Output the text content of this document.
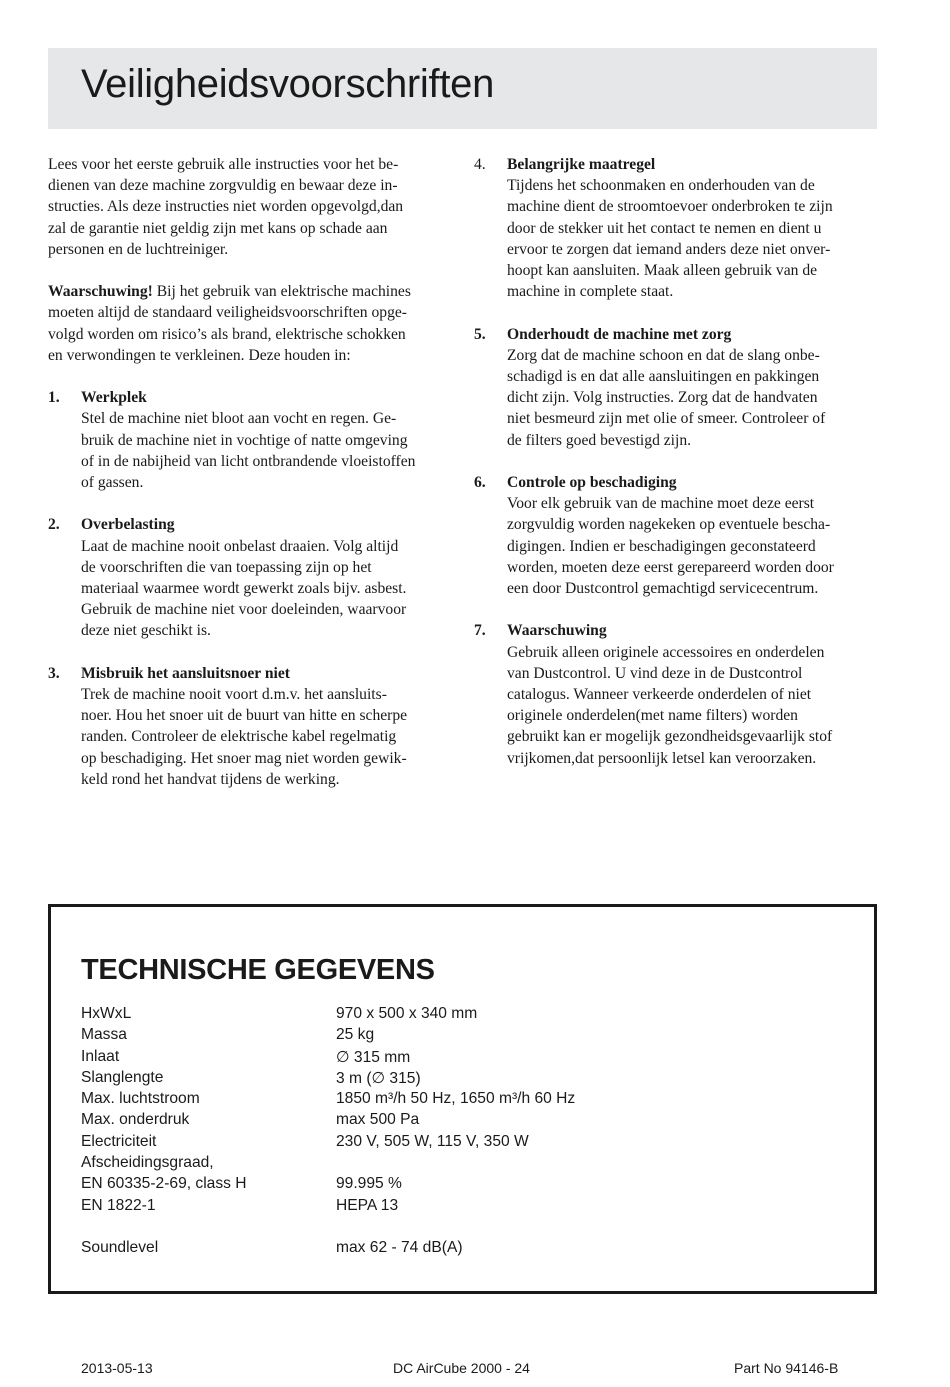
Veiligheidsvoorschriften
Lees voor het eerste gebruik alle instructies voor het be-
dienen van deze machine zorgvuldig en bewaar deze in-
structies. Als deze instructies niet worden opgevolgd,dan
zal de garantie niet geldig zijn met kans op schade aan
personen en de luchtreiniger.
Waarschuwing! Bij het gebruik van elektrische machines
moeten altijd de standaard veiligheidsvoorschriften opge-
volgd worden om risico’s als brand, elektrische schokken
en verwondingen te verkleinen. Deze houden in:
1. Werkplek
Stel de machine niet bloot aan vocht en regen. Ge-
bruik de machine niet in vochtige of natte omgeving
of in de nabijheid van licht ontbrandende vloeistoffen
of gassen.
2. Overbelasting
Laat de machine nooit onbelast draaien. Volg altijd
de voorschriften die van toepassing zijn op het
materiaal waarmee wordt gewerkt zoals bijv. asbest.
Gebruik de machine niet voor doeleinden, waarvoor
deze niet geschikt is.
3. Misbruik het aansluitsnoer niet
Trek de machine nooit voort d.m.v. het aansluits-
noer. Hou het snoer uit de buurt van hitte en scherpe
randen. Controleer de elektrische kabel regelmatig
op beschadiging. Het snoer mag niet worden gewik-
keld rond het handvat tijdens de werking.
4. Belangrijke maatregel
Tijdens het schoonmaken en onderhouden van de
machine dient de stroomtoevoer onderbroken te zijn
door de stekker uit het contact te nemen en dient u
ervoor te zorgen dat iemand anders deze niet onver-
hoopt kan aansluiten. Maak alleen gebruik van de
machine in complete staat.
5. Onderhoudt de machine met zorg
Zorg dat de machine schoon en dat de slang onbe-
schadigd is en dat alle aansluitingen en pakkingen
dicht zijn. Volg instructies. Zorg dat de handvaten
niet besmeurd zijn met olie of smeer. Controleer of
de filters goed bevestigd zijn.
6. Controle op beschadiging
Voor elk gebruik van de machine moet deze eerst
zorgvuldig worden nagekeken op eventuele bescha-
digingen. Indien er beschadigingen geconstateerd
worden, moeten deze eerst gerepareerd worden door
een door Dustcontrol gemachtigd servicecentrum.
7. Waarschuwing
Gebruik alleen originele accessoires en onderdelen
van Dustcontrol. U vind deze in de Dustcontrol
catalogus. Wanneer verkeerde onderdelen of niet
originele onderdelen(met name filters) worden
gebruikt kan er mogelijk gezondheidsgevaarlijk stof
vrijkomen,dat persoonlijk letsel kan veroorzaken.
TECHNISCHE GEGEVENS
HxWxL	970 x 500 x 340 mm
Massa	25 kg
Inlaat	∅ 315 mm
Slanglengte	3 m (∅ 315)
Max. luchtstroom	1850 m³/h 50 Hz, 1650 m³/h 60 Hz
Max. onderdruk	max 500 Pa
Electriciteit	230 V, 505 W, 115 V, 350 W
Afscheidingsgraad,	
EN 60335-2-69, class H	99.995 %
EN 1822-1	HEPA 13

Soundlevel	max 62 - 74 dB(A)
2013-05-13	DC AirCube 2000 - 24	Part No 94146-B
